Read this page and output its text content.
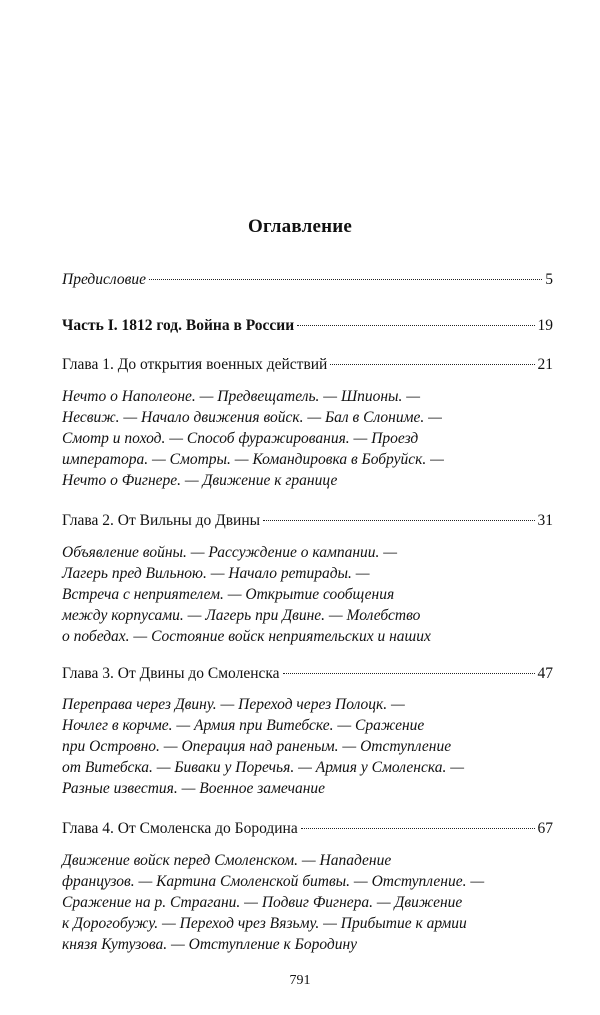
Оглавление
Предисловие	5
Часть I. 1812 год. Война в России	19
Глава 1. До открытия военных действий	21
Нечто о Наполеоне. — Предвещатель. — Шпионы. —
Несвиж. — Начало движения войск. — Бал в Слониме. —
Смотр и поход. — Способ фуражирования. — Проезд
императора. — Смотры. — Командировка в Бобруйск. —
Нечто о Фигнере. — Движение к границе
Глава 2. От Вильны до Двины	31
Объявление войны. — Рассуждение о кампании. —
Лагерь пред Вильною. — Начало ретирады. —
Встреча с неприятелем. — Открытие сообщения
между корпусами. — Лагерь при Двине. — Молебство
о победах. — Состояние войск неприятельских и наших
Глава 3. От Двины до Смоленска	47
Переправа через Двину. — Переход через Полоцк. —
Ночлег в корчме. — Армия при Витебске. — Сражение
при Островно. — Операция над раненым. — Отступление
от Витебска. — Биваки у Поречья. — Армия у Смоленска. —
Разные известия. — Военное замечание
Глава 4. От Смоленска до Бородина	67
Движение войск перед Смоленском. — Нападение
французов. — Картина Смоленской битвы. — Отступление. —
Сражение на р. Страгани. — Подвиг Фигнера. — Движение
к Дорогобужу. — Переход чрез Вязьму. — Прибытие к армии
князя Кутузова. — Отступление к Бородину
791
